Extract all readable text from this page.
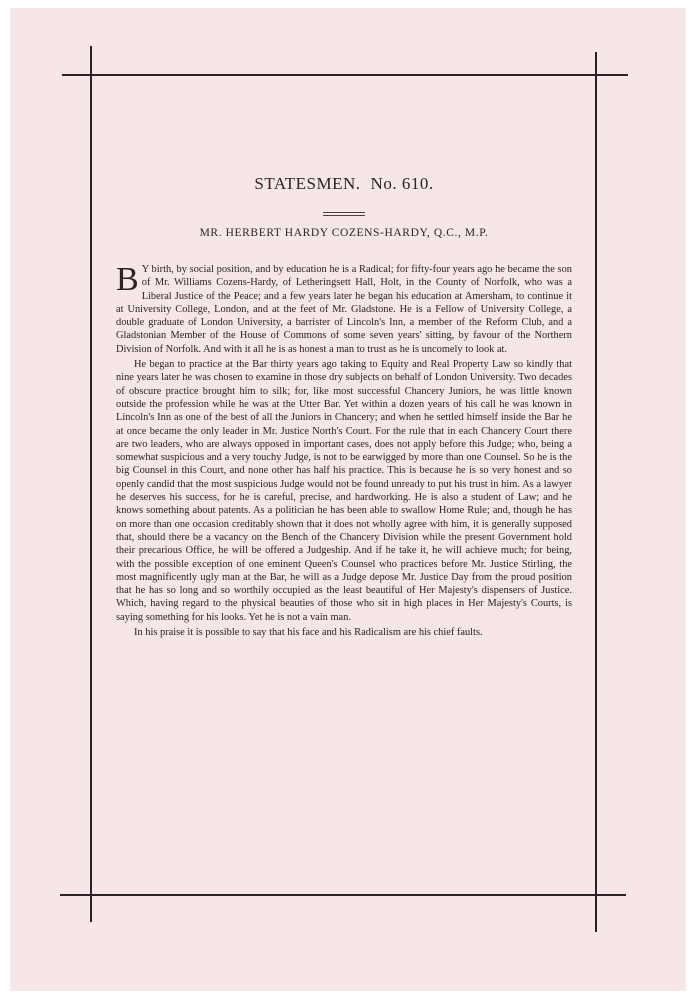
STATESMEN. No. 610.
MR. HERBERT HARDY COZENS-HARDY, Q.C., M.P.

B Y birth, by social position, and by education he is a Radical; for fifty-four years ago he became the son of Mr. Williams Cozens-Hardy, of Letheringsett Hall, Holt, in the County of Norfolk, who was a Liberal Justice of the Peace; and a few years later he began his education at Amersham, to continue it at University College, London, and at the feet of Mr. Gladstone. He is a Fellow of University College, a double graduate of London University, a barrister of Lincoln's Inn, a member of the Reform Club, and a Gladstonian Member of the House of Commons of some seven years' sitting, by favour of the Northern Division of Norfolk. And with it all he is as honest a man to trust as he is uncomely to look at.

He began to practice at the Bar thirty years ago taking to Equity and Real Property Law so kindly that nine years later he was chosen to examine in those dry subjects on behalf of London University. Two decades of obscure practice brought him to silk; for, like most successful Chancery Juniors, he was little known outside the profession while he was at the Utter Bar. Yet within a dozen years of his call he was known in Lincoln's Inn as one of the best of all the Juniors in Chancery; and when he settled himself inside the Bar he at once became the only leader in Mr. Justice North's Court. For the rule that in each Chancery Court there are two leaders, who are always opposed in important cases, does not apply before this Judge; who, being a somewhat suspicious and a very touchy Judge, is not to be earwigged by more than one Counsel. So he is the big Counsel in this Court, and none other has half his practice. This is because he is so very honest and so openly candid that the most suspicious Judge would not be found unready to put his trust in him. As a lawyer he deserves his success, for he is careful, precise, and hardworking. He is also a student of Law; and he knows something about patents. As a politician he has been able to swallow Home Rule; and, though he has on more than one occasion creditably shown that it does not wholly agree with him, it is generally supposed that, should there be a vacancy on the Bench of the Chancery Division while the present Government hold their precarious Office, he will be offered a Judgeship. And if he take it, he will achieve much; for being, with the possible exception of one eminent Queen's Counsel who practices before Mr. Justice Stirling, the most magnificently ugly man at the Bar, he will as a Judge depose Mr. Justice Day from the proud position that he has so long and so worthily occupied as the least beautiful of Her Majesty's dispensers of Justice. Which, having regard to the physical beauties of those who sit in high places in Her Majesty's Courts, is saying something for his looks. Yet he is not a vain man.

In his praise it is possible to say that his face and his Radicalism are his chief faults.
